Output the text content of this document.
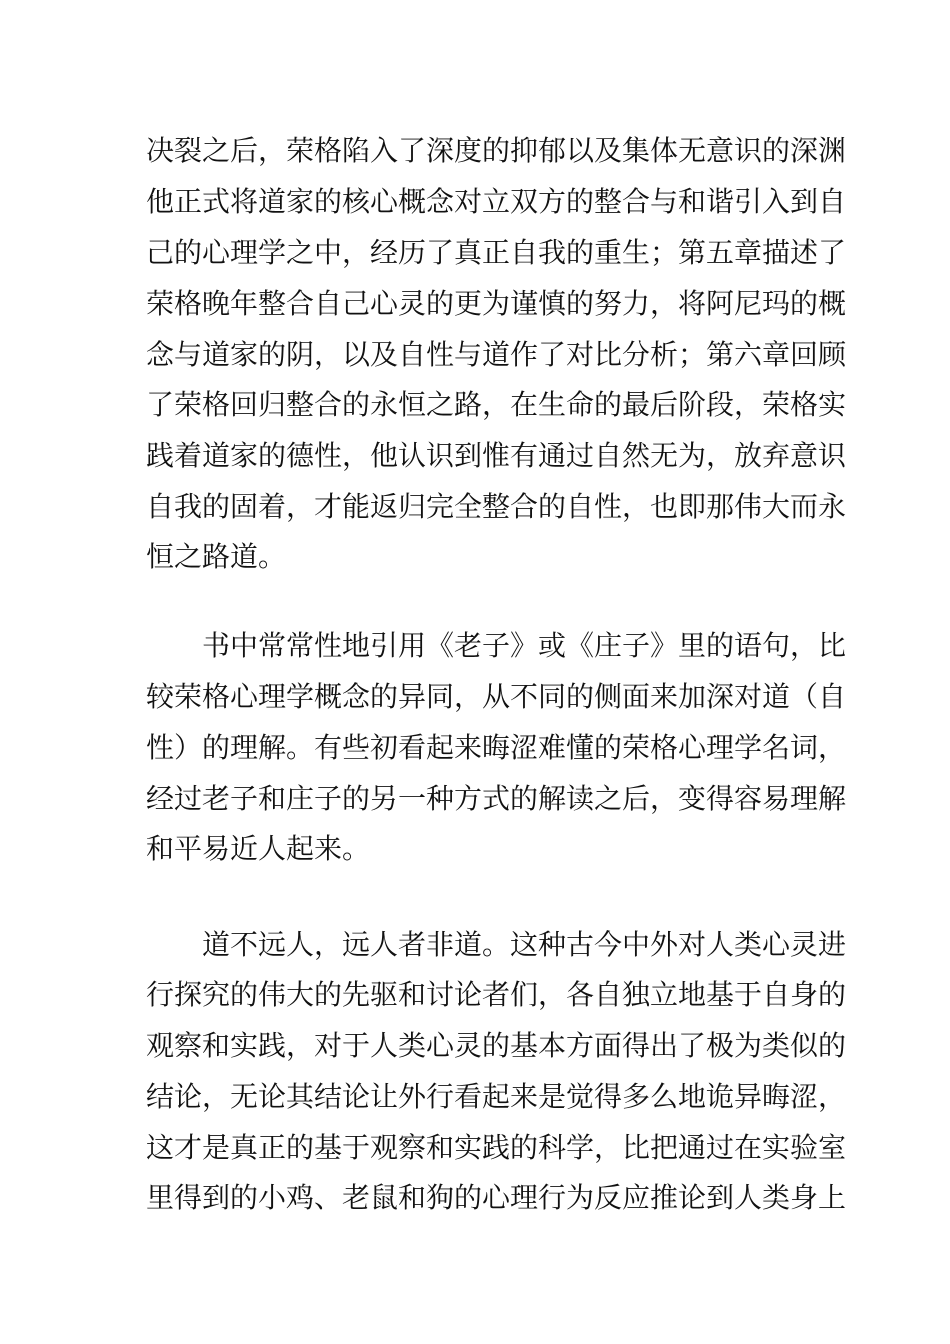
决裂之后，荣格陷入了深度的抑郁以及集体无意识的深渊
他正式将道家的核心概念对立双方的整合与和谐引入到自
己的心理学之中，经历了真正自我的重生；第五章描述了
荣格晚年整合自己心灵的更为谨慎的努力，将阿尼玛的概
念与道家的阴，以及自性与道作了对比分析；第六章回顾
了荣格回归整合的永恒之路，在生命的最后阶段，荣格实
践着道家的德性，他认识到惟有通过自然无为，放弃意识
自我的固着，才能返归完全整合的自性，也即那伟大而永
恒之路道。
书中常常性地引用《老子》或《庄子》里的语句，比
较荣格心理学概念的异同，从不同的侧面来加深对道（自
性）的理解。有些初看起来晦涩难懂的荣格心理学名词，
经过老子和庄子的另一种方式的解读之后，变得容易理解
和平易近人起来。
道不远人，远人者非道。这种古今中外对人类心灵进
行探究的伟大的先驱和讨论者们，各自独立地基于自身的
观察和实践，对于人类心灵的基本方面得出了极为类似的
结论，无论其结论让外行看起来是觉得多么地诡异晦涩，
这才是真正的基于观察和实践的科学，比把通过在实验室
里得到的小鸡、老鼠和狗的心理行为反应推论到人类身上
